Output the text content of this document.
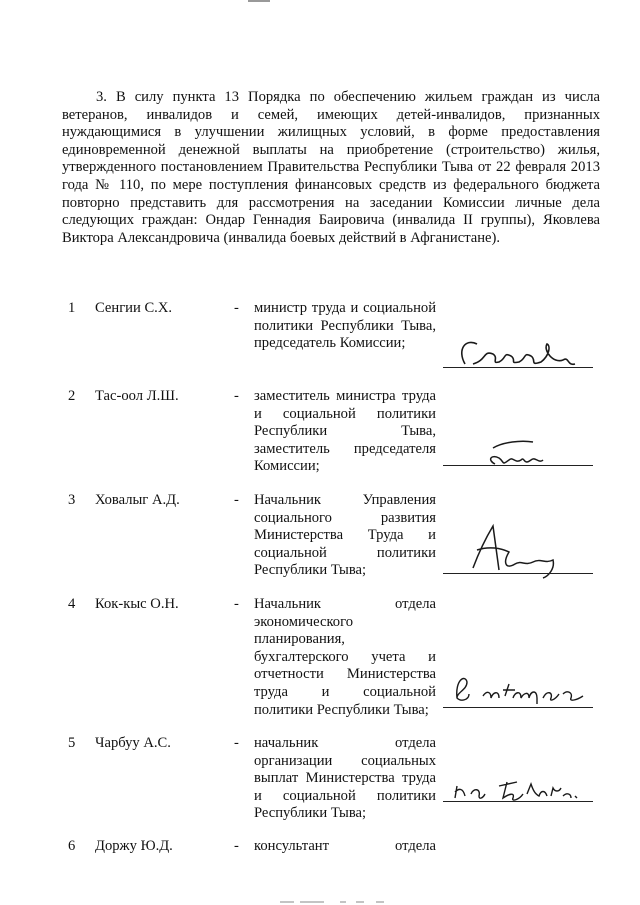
3. В силу пункта 13 Порядка по обеспечению жильем граждан из числа ветеранов, инвалидов и семей, имеющих детей-инвалидов, признанных нуждающимися в улучшении жилищных условий, в форме предоставления единовременной денежной выплаты на приобретение (строительство) жилья, утвержденного постановлением Правительства Республики Тыва от 22 февраля 2013 года № 110, по мере поступления финансовых средств из федерального бюджета повторно представить для рассмотрения на заседании Комиссии личные дела следующих граждан: Ондар Геннадия Баировича (инвалида II группы), Яковлева Виктора Александровича (инвалида боевых действий в Афганистане).

1 Сенгии С.Х.	- министр труда и социальной политики Республики Тыва, председатель Комиссии;
2 Тас-оол Л.Ш.	- заместитель министра труда и социальной политики Республики Тыва, заместитель председателя Комиссии;
3 Ховалыг А.Д.	- Начальник Управления социального развития Министерства Труда и социальной политики Республики Тыва;
4 Кок-кыс О.Н.	- Начальник отдела экономического планирования, бухгалтерского учета и отчетности Министерства труда и социальной политики Республики Тыва;
5 Чарбуу А.С.	- начальник отдела организации социальных выплат Министерства труда и социальной политики Республики Тыва;
6 Доржу Ю.Д.	- консультант отдела
